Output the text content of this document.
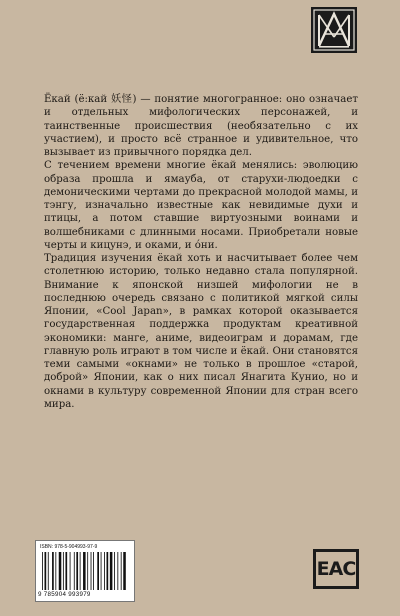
Ёкай (ё:кай 妖怪) — понятие многогранное: оно означает и отдельных мифологических персонажей, и таинственные происшествия (необязательно с их участием), и просто всё странное и удивительное, что вызывает из привычного порядка дел.

С течением времени многие ёкай менялись: эволюцию образа прошла и ямауба, от старухи-людоедки с демоническими чертами до прекрасной молодой мамы, и тэнгу, изначально известные как невидимые духи и птицы, а потом ставшие виртуозными воинами и волшебниками с длинными носами. Приобретали новые черты и кицунэ, и оками, и óни.

Традиция изучения ёкай хоть и насчитывает более чем столетнюю историю, только недавно стала популярной. Внимание к японской низшей мифологии не в последнюю очередь связано с политикой мягкой силы Японии, «Cool Japan», в рамках которой оказывается государственная поддержка продуктам креативной экономики: манге, аниме, видеоиграм и дорамам, где главную роль играют в том числе и ёкай. Они становятся теми самыми «окнами» не только в прошлое «старой, доброй» Японии, как о них писал Янагита Кунио, но и окнами в культуру современной Японии для стран всего мира.

ISBN: 978-5-904993-97-9
9 785904 993979
EAC
